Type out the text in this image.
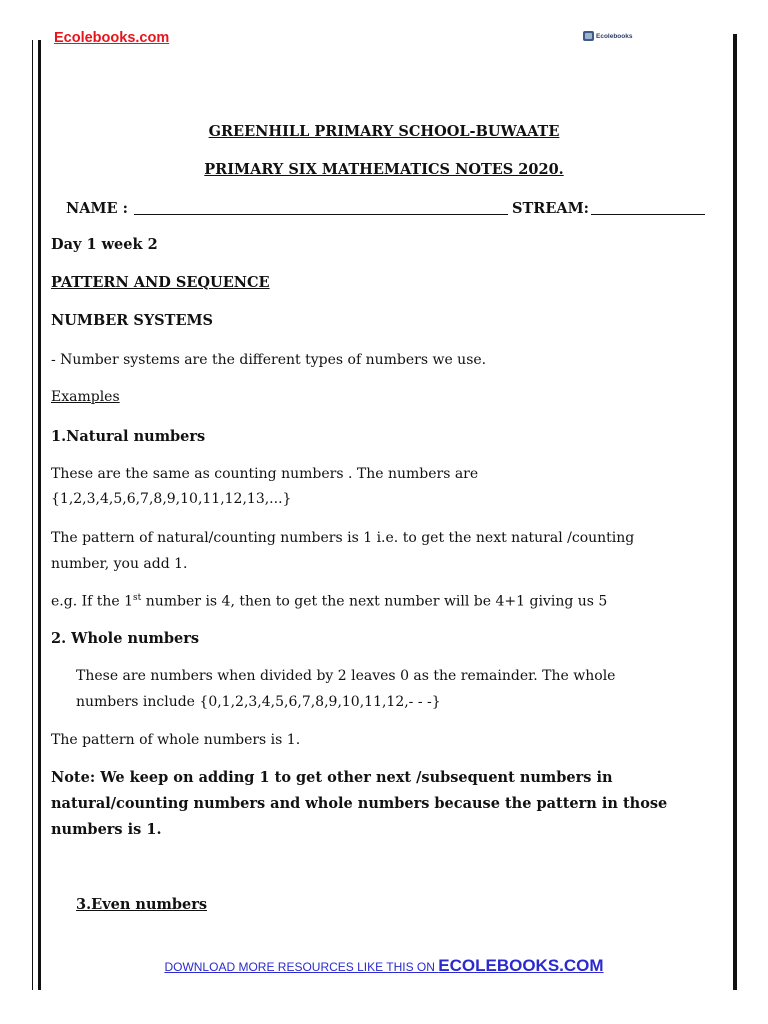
Ecolebooks.com	Ecolebooks
GREENHILL PRIMARY SCHOOL-BUWAATE
PRIMARY SIX MATHEMATICS NOTES 2020.
NAME :	STREAM:
Day 1 week 2
PATTERN AND SEQUENCE
NUMBER SYSTEMS
- Number systems are the different types of numbers we use.
Examples
1.Natural numbers
These are the same as counting numbers . The numbers are
{1,2,3,4,5,6,7,8,9,10,11,12,13,...}
The pattern of natural/counting numbers is 1 i.e. to get the next natural /counting
number, you add 1.
e.g. If the 1st number is 4, then to get the next number will be 4+1 giving us 5
2. Whole numbers
These are numbers when divided by 2 leaves 0 as the remainder. The whole
numbers include {0,1,2,3,4,5,6,7,8,9,10,11,12,- - -}
The pattern of whole numbers is 1.
Note: We keep on adding 1 to get other next /subsequent numbers in
natural/counting numbers and whole numbers because the pattern in those
numbers is 1.
3.Even numbers
DOWNLOAD MORE RESOURCES LIKE THIS ON ECOLEBOOKS.COM
